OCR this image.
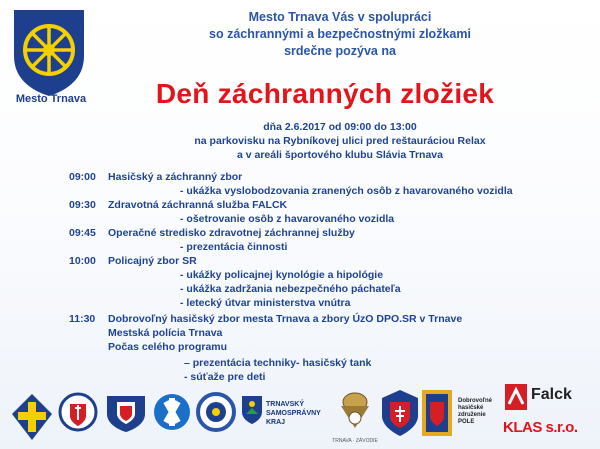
Mesto Trnava
Mesto Trnava Vás v spolupráci
so záchrannými a bezpečnostnými zložkami
srdečne pozýva na
Deň záchranných zložiek
dňa 2.6.2017 od 09:00 do 13:00
na parkovisku na Rybníkovej ulici pred reštauráciou Relax
a v areáli športového klubu Slávia Trnava
09:00 Hasičský a záchranný zbor
- ukážka vyslobodzovania zranených osôb z havarovaného vozidla
09:30 Zdravotná záchranná služba FALCK
- ošetrovanie osôb z havarovaného vozidla
09:45 Operačné stredisko zdravotnej záchrannej služby
- prezentácia činnosti
10:00 Policajný zbor SR
- ukážky policajnej kynológie a hipológie
- ukážka zadržania nebezpečného páchateľa
- letecký útvar ministerstva vnútra
11:30 Dobrovoľný hasičský zbor mesta Trnava a zbory ÚzO DPO.SR v Trnave
Mestská polícia Trnava
Počas celého programu
– prezentácia techniky- hasičský tank
- súťaže pre deti
TRNAVSKÝ SAMOSPRÁVNY KRAJ
TRNAVA · ZÁVODIE
Dobrovoľné hasičské združenie POLE
Falck
KLAS s.r.o.
